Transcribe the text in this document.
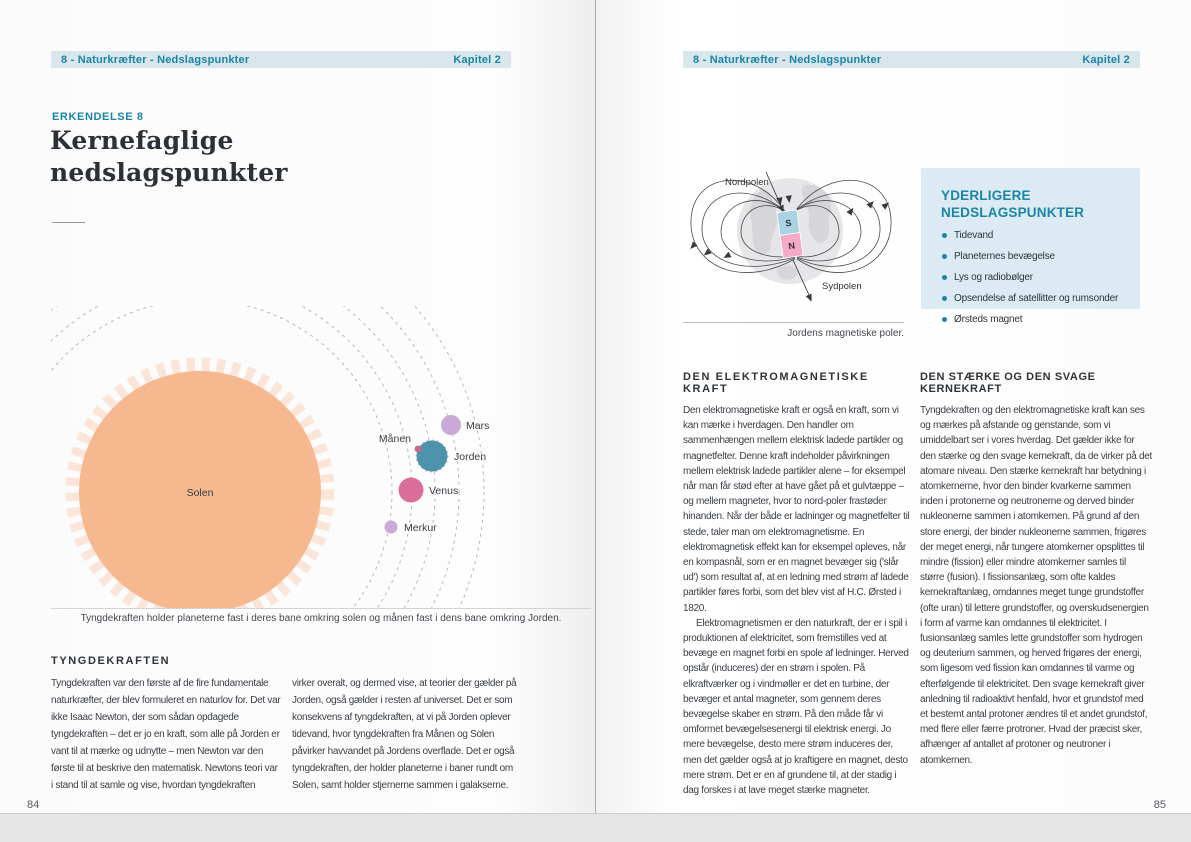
8 - Naturkræfter - Nedslagspunkter	Kapitel 2
ERKENDELSE 8
Kernefaglige
nedslagspunkter
Solen
Merkur
Venus
Jorden
Månen
Mars
Tyngdekraften holder planeterne fast i deres bane omkring solen og månen fast i dens bane omkring Jorden.
TYNGDEKRAFTEN

Tyngdekraften var den første af de fire fundamentale naturkræfter, der blev formuleret en naturlov for. Det var ikke Isaac Newton, der som sådan opdagede tyngdekraften – det er jo en kraft, som alle på Jorden er vant til at mærke og udnytte – men Newton var den første til at beskrive den matematisk. Newtons teori var i stand til at samle og vise, hvordan tyngdekraften

virker overalt, og dermed vise, at teorier der gælder på Jorden, også gælder i resten af universet. Det er som konsekvens af tyngdekraften, at vi på Jorden oplever tidevand, hvor tyngdekraften fra Månen og Solen påvirker havvandet på Jordens overflade. Det er også tyngdekraften, der holder planeterne i baner rundt om Solen, samt holder stjernerne sammen i galakserne.

84
8 - Naturkræfter - Nedslagspunkter	Kapitel 2
S
N
Nordpolen
Sydpolen
Jordens magnetiske poler.
YDERLIGERE
NEDSLAGSPUNKTER
Tidevand
Planeternes bevægelse
Lys og radiobølger
Opsendelse af satellitter og rumsonder
Ørsteds magnet
DEN ELEKTROMAGNETISKE KRAFT

Den elektromagnetiske kraft er også en kraft, som vi kan mærke i hverdagen. Den handler om sammenhængen mellem elektrisk ladede partikler og magnetfelter. Denne kraft indeholder påvirkningen mellem elektrisk ladede partikler alene – for eksempel når man får stød efter at have gået på et gulvtæppe – og mellem magneter, hvor to nord-poler frastøder hinanden. Når der både er ladninger og magnetfelter til stede, taler man om elektromagnetisme. En elektromagnetisk effekt kan for eksempel opleves, når en kompasnål, som er en magnet bevæger sig ('slår ud') som resultat af, at en ledning med strøm af ladede partikler føres forbi, som det blev vist af H.C. Ørsted i 1820.

Elektromagnetismen er den naturkraft, der er i spil i produktionen af elektricitet, som fremstilles ved at bevæge en magnet forbi en spole af ledninger. Herved opstår (induceres) der en strøm i spolen. På elkraftværker og i vindmøller er det en turbine, der bevæger et antal magneter, som gennem deres bevægelse skaber en strøm. På den måde får vi omformet bevægelsesenergi til elektrisk energi. Jo mere bevægelse, desto mere strøm induceres der, men det gælder også at jo kraftigere en magnet, desto mere strøm. Det er en af grundene til, at der stadig i dag forskes i at lave meget stærke magneter.

DEN STÆRKE OG DEN SVAGE KERNEKRAFT

Tyngdekraften og den elektromagnetiske kraft kan ses og mærkes på afstande og genstande, som vi umiddelbart ser i vores hverdag. Det gælder ikke for den stærke og den svage kernekraft, da de virker på det atomare niveau. Den stærke kernekraft har betydning i atomkernerne, hvor den binder kvarkerne sammen inden i protonerne og neutronerne og derved binder nukleonerne sammen i atomkernen. På grund af den store energi, der binder nukleonerne sammen, frigøres der meget energi, når tungere atomkerner opsplittes til mindre (fission) eller mindre atomkerner samles til større (fusion). I fissionsanlæg, som ofte kaldes kernekraftanlæg, omdannes meget tunge grundstoffer (ofte uran) til lettere grundstoffer, og overskudsenergien i form af varme kan omdannes til elektricitet. I fusionsanlæg samles lette grundstoffer som hydrogen og deuterium sammen, og herved frigøres der energi, som ligesom ved fission kan omdannes til varme og efterfølgende til elektricitet. Den svage kernekraft giver anledning til radioaktivt henfald, hvor et grundstof med et bestemt antal protoner ændres til et andet grundstof, med flere eller færre protroner. Hvad der præcist sker, afhænger af antallet af protoner og neutroner i atomkernen.

85
